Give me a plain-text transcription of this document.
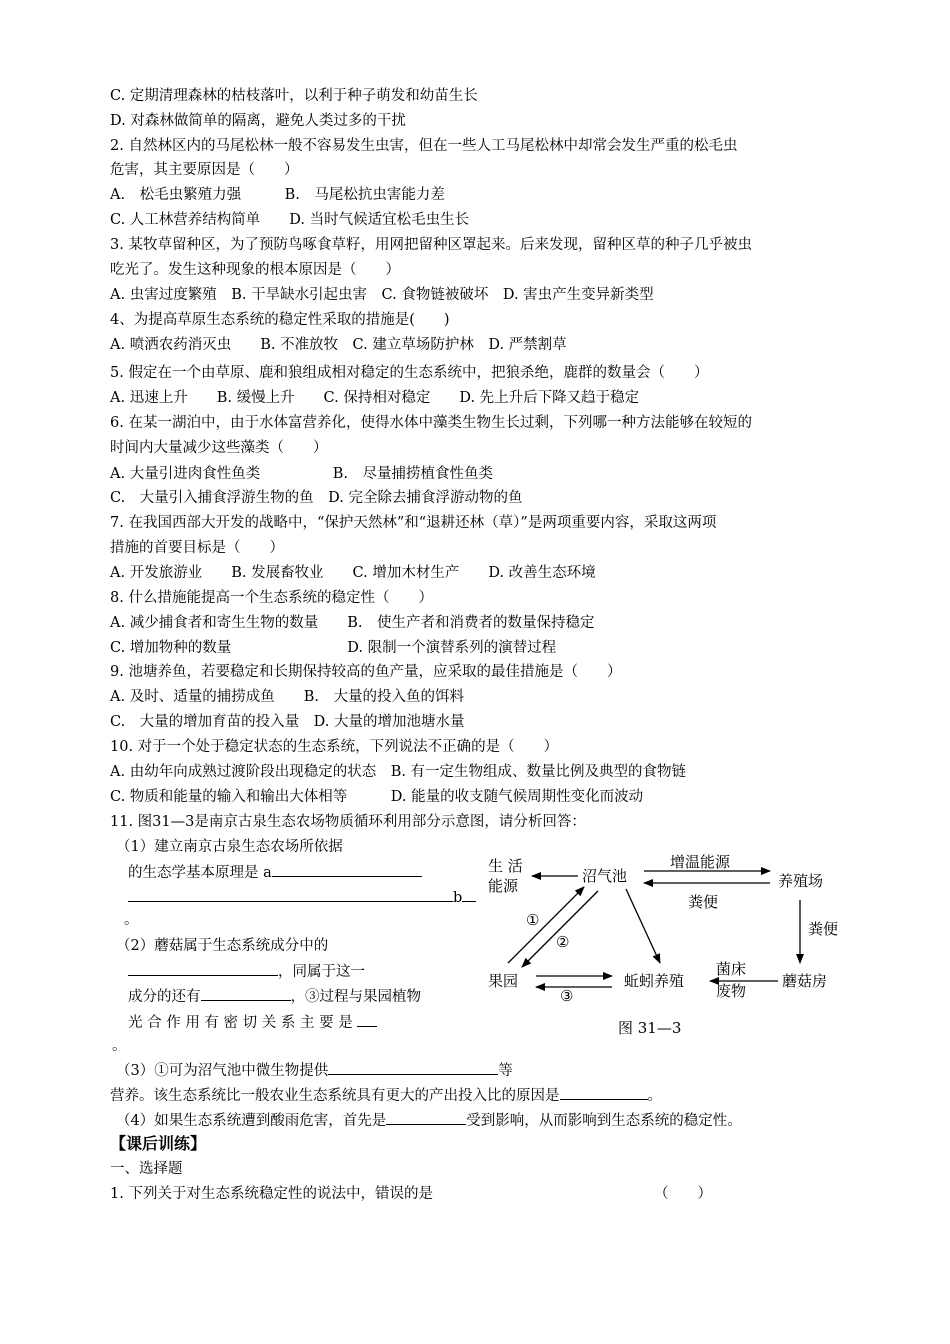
C. 定期清理森林的枯枝落叶，以利于种子萌发和幼苗生长
D. 对森林做简单的隔离，避免人类过多的干扰
2. 自然林区内的马尾松林一般不容易发生虫害，但在一些人工马尾松林中却常会发生严重的松毛虫
危害，其主要原因是（　　）
A.　松毛虫繁殖力强　　　B.　马尾松抗虫害能力差
C. 人工林营养结构简单　　D. 当时气候适宜松毛虫生长
3. 某牧草留种区，为了预防鸟啄食草籽，用网把留种区罩起来。后来发现，留种区草的种子几乎被虫
吃光了。发生这种现象的根本原因是（　　）
A. 虫害过度繁殖　B. 干旱缺水引起虫害　C. 食物链被破坏　D. 害虫产生变异新类型
4、为提高草原生态系统的稳定性采取的措施是(　　)
A. 喷洒农药消灭虫　　B. 不准放牧　C. 建立草场防护林　D. 严禁割草
5. 假定在一个由草原、鹿和狼组成相对稳定的生态系统中，把狼杀绝，鹿群的数量会（　　）
A. 迅速上升　　B. 缓慢上升　　C. 保持相对稳定　　D. 先上升后下降又趋于稳定
6. 在某一湖泊中，由于水体富营养化，使得水体中藻类生物生长过剩，下列哪一种方法能够在较短的
时间内大量减少这些藻类（　　）
A. 大量引进肉食性鱼类　　　　　B.　尽量捕捞植食性鱼类
C.　大量引入捕食浮游生物的鱼　D. 完全除去捕食浮游动物的鱼
7. 在我国西部大开发的战略中，“保护天然林”和“退耕还林（草）”是两项重要内容，采取这两项
措施的首要目标是（　　）
A. 开发旅游业　　B. 发展畜牧业　　C. 增加木材生产　　D. 改善生态环境
8. 什么措施能提高一个生态系统的稳定性（　　）
A. 减少捕食者和寄生生物的数量　　B.　使生产者和消费者的数量保持稳定
C. 增加物种的数量　　　　　　　　D. 限制一个演替系列的演替过程
9. 池塘养鱼，若要稳定和长期保持较高的鱼产量，应采取的最佳措施是（　　）
A. 及时、适量的捕捞成鱼　　B.　大量的投入鱼的饵料
C.　大量的增加育苗的投入量　D. 大量的增加池塘水量
10. 对于一个处于稳定状态的生态系统，下列说法不正确的是（　　）
A. 由幼年向成熟过渡阶段出现稳定的状态　B. 有一定生物组成、数量比例及典型的食物链
C. 物质和能量的输入和输出大体相等　　　D. 能量的收支随气候周期性变化而波动
11. 图31—3是南京古泉生态农场物质循环利用部分示意图，请分析回答：
（1）建立南京古泉生态农场所依据
的生态学基本原理是 a
b
。
（2）蘑菇属于生态系统成分中的
，同属于这一
成分的还有	，③过程与果园植物
光 合 作 用 有 密 切 关 系 主 要 是
。
（3）①可为沼气池中微生物提供	等
营养。该生态系统比一般农业生态系统具有更大的产出投入比的原因是	。
（4）如果生态系统遭到酸雨危害，首先是	受到影响，从而影响到生态系统的稳定性。
生 活
能源
沼气池
增温能源
养殖场
粪便
粪便
①
②
③
果园	蚯蚓养殖
菌床
废物
蘑菇房
图 31—3
【课后训练】
一、选择题
1. 下列关于对生态系统稳定性的说法中，错误的是	（　　）
